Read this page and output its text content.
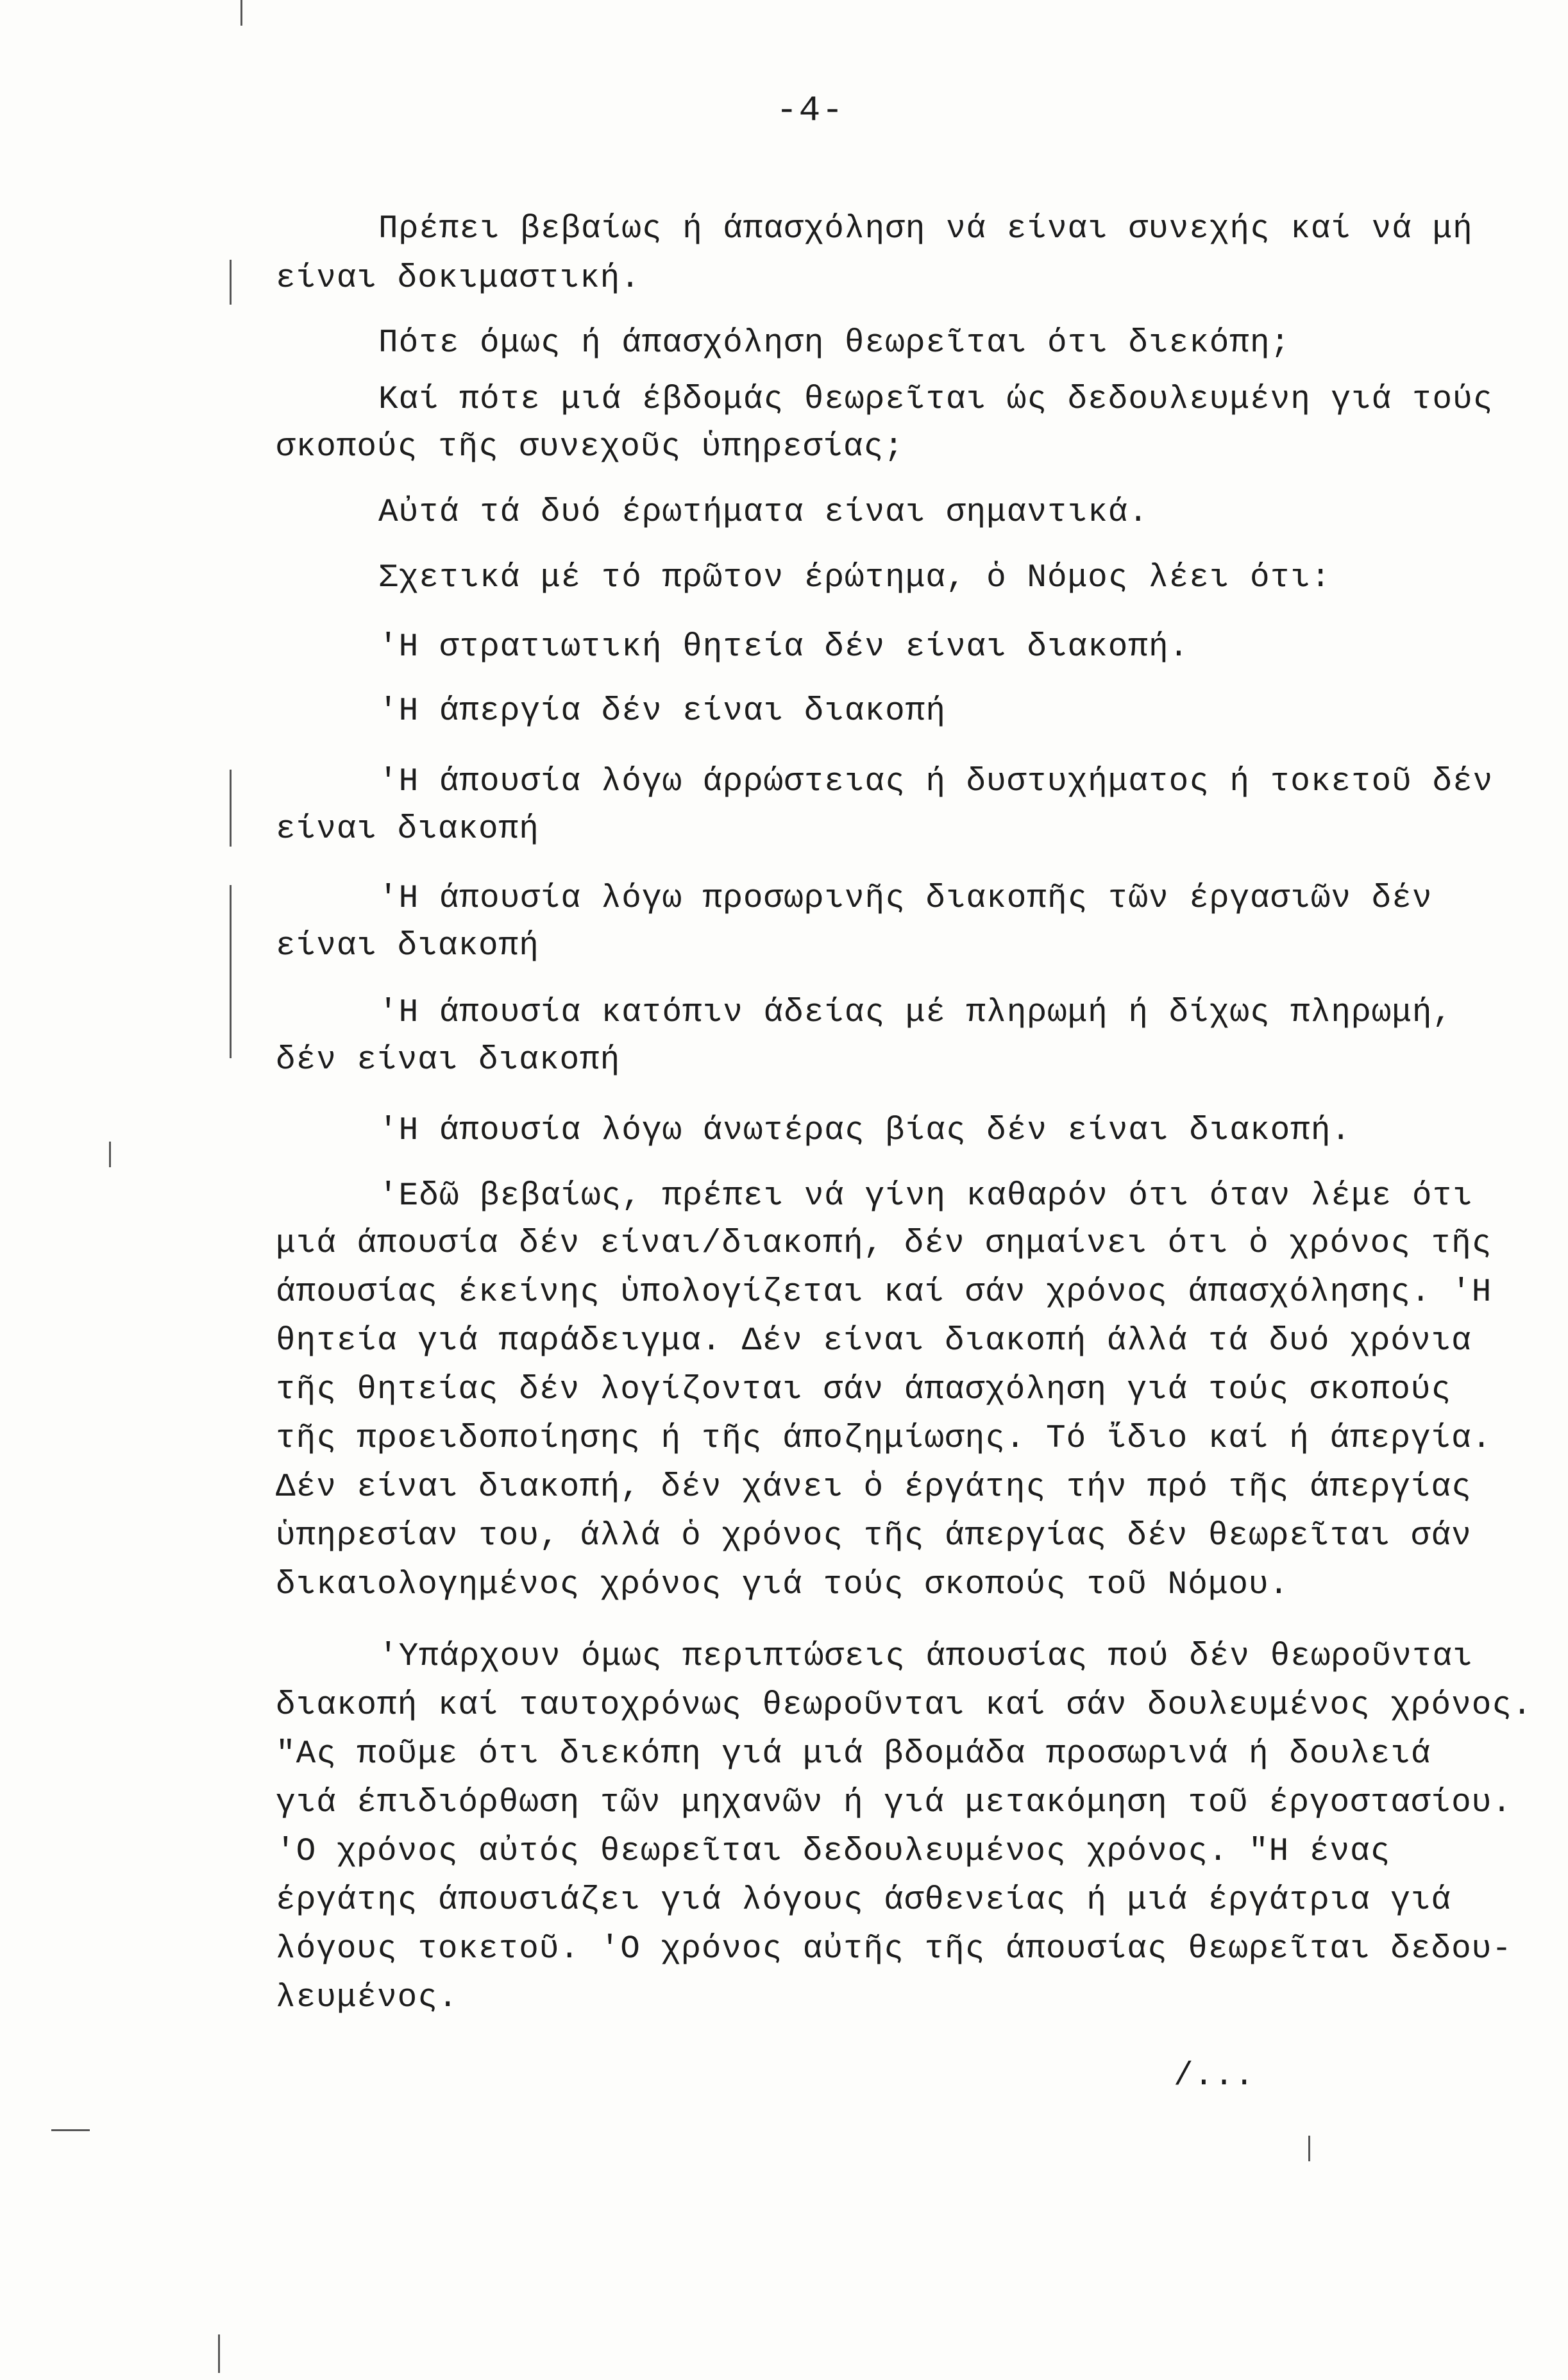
-4-
Πρέπει βεβαίως ή άπασχόληση νά είναι συνεχής καί νά μή
είναι δοκιμαστική.
Πότε όμως ή άπασχόληση θεωρεῖται ότι διεκόπη;
Καί πότε μιά έβδομάς θεωρεῖται ώς δεδουλευμένη γιά τούς
σκοπούς τῆς συνεχοῦς ὑπηρεσίας;
Αὐτά τά δυό έρωτήματα είναι σημαντικά.
Σχετικά μέ τό πρῶτον έρώτημα, ὁ Νόμος λέει ότι:
'Η στρατιωτική θητεία δέν είναι διακοπή.
'Η άπεργία δέν είναι διακοπή
'Η άπουσία λόγω άρρώστειας ή δυστυχήματος ή τοκετοῦ δέν
είναι διακοπή
'Η άπουσία λόγω προσωρινῆς διακοπῆς τῶν έργασιῶν δέν
είναι διακοπή
'Η άπουσία κατόπιν άδείας μέ πληρωμή ή δίχως πληρωμή,
δέν είναι διακοπή
'Η άπουσία λόγω άνωτέρας βίας δέν είναι διακοπή.
'Εδῶ βεβαίως, πρέπει νά γίνη καθαρόν ότι όταν λέμε ότι
μιά άπουσία δέν είναι/διακοπή, δέν σημαίνει ότι ὁ χρόνος τῆς
άπουσίας έκείνης ὑπολογίζεται καί σάν χρόνος άπασχόλησης. 'Η
θητεία γιά παράδειγμα. Δέν είναι διακοπή άλλά τά δυό χρόνια
τῆς θητείας δέν λογίζονται σάν άπασχόληση γιά τούς σκοπούς
τῆς προειδοποίησης ή τῆς άποζημίωσης. Τό ἴδιο καί ή άπεργία.
Δέν είναι διακοπή, δέν χάνει ὁ έργάτης τήν πρό τῆς άπεργίας
ὑπηρεσίαν του, άλλά ὁ χρόνος τῆς άπεργίας δέν θεωρεῖται σάν
δικαιολογημένος χρόνος γιά τούς σκοπούς τοῦ Νόμου.
'Υπάρχουν όμως περιπτώσεις άπουσίας πού δέν θεωροῦνται
διακοπή καί ταυτοχρόνως θεωροῦνται καί σάν δουλευμένος χρόνος.
"Ας ποῦμε ότι διεκόπη γιά μιά βδομάδα προσωρινά ή δουλειά
γιά έπιδιόρθωση τῶν μηχανῶν ή γιά μετακόμηση τοῦ έργοστασίου.
'Ο χρόνος αὐτός θεωρεῖται δεδουλευμένος χρόνος. "Η ένας
έργάτης άπουσιάζει γιά λόγους άσθενείας ή μιά έργάτρια γιά
λόγους τοκετοῦ. 'Ο χρόνος αὐτῆς τῆς άπουσίας θεωρεῖται δεδου-
λευμένος.
/...
